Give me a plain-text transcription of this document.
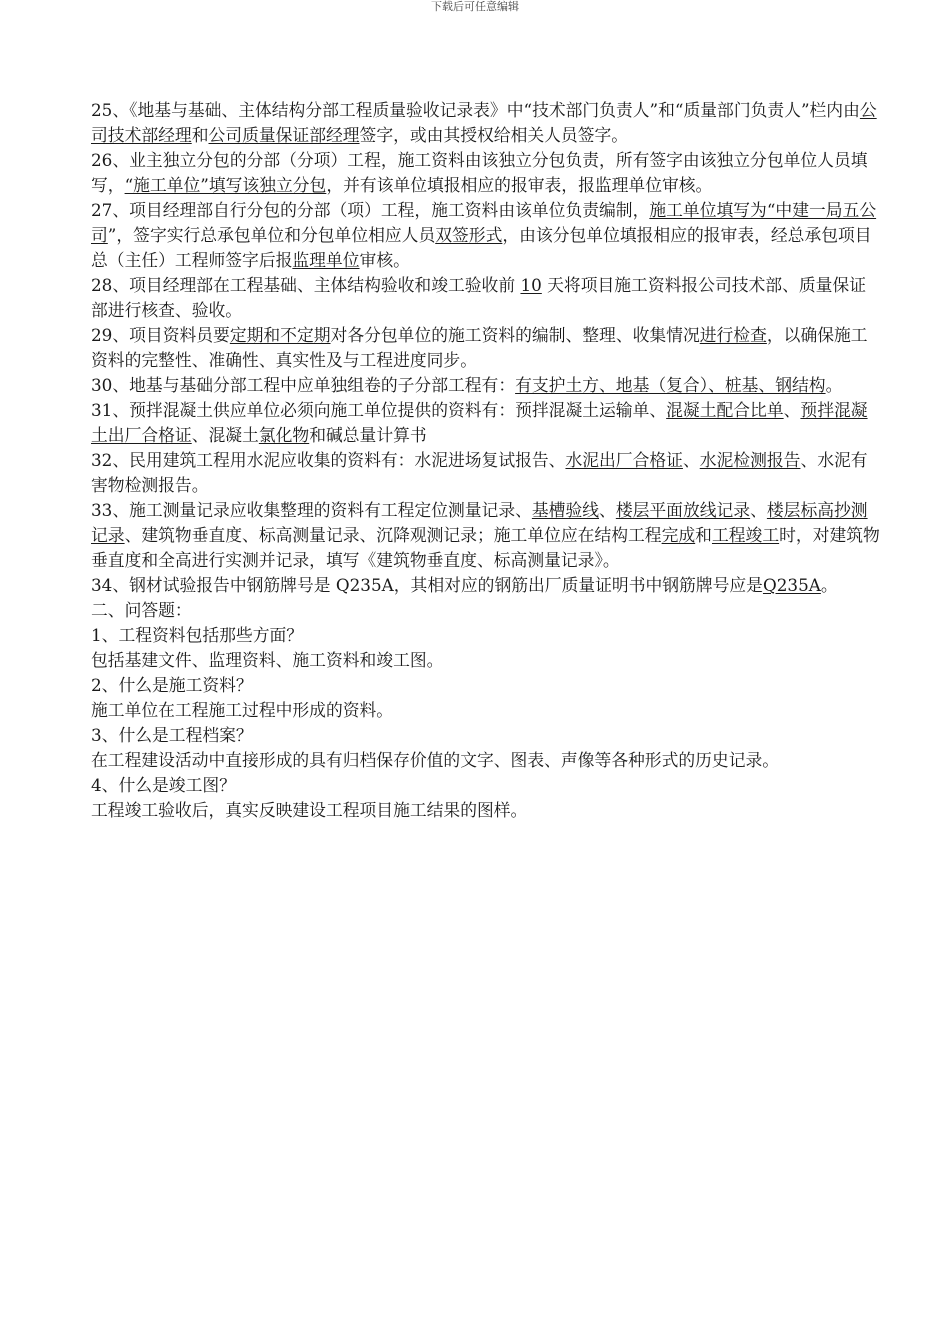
下载后可任意编辑

25、《地基与基础、主体结构分部工程质量验收记录表》中“技术部门负责人”和“质量部门负责人”栏内由公司技术部经理和公司质量保证部经理签字，或由其授权给相关人员签字。

26、业主独立分包的分部（分项）工程，施工资料由该独立分包负责，所有签字由该独立分包单位人员填写，“施工单位”填写该独立分包，并有该单位填报相应的报审表，报监理单位审核。

27、项目经理部自行分包的分部（项）工程，施工资料由该单位负责编制，施工单位填写为“中建一局五公司”，签字实行总承包单位和分包单位相应人员双签形式，由该分包单位填报相应的报审表，经总承包项目总（主任）工程师签字后报监理单位审核。

28、项目经理部在工程基础、主体结构验收和竣工验收前 10 天将项目施工资料报公司技术部、质量保证部进行核查、验收。

29、项目资料员要定期和不定期对各分包单位的施工资料的编制、整理、收集情况进行检查，以确保施工资料的完整性、准确性、真实性及与工程进度同步。

30、地基与基础分部工程中应单独组卷的子分部工程有：有支护土方、地基（复合）、桩基、钢结构。

31、预拌混凝土供应单位必须向施工单位提供的资料有：预拌混凝土运输单、混凝土配合比单、预拌混凝土出厂合格证、混凝土氯化物和碱总量计算书

32、民用建筑工程用水泥应收集的资料有：水泥进场复试报告、水泥出厂合格证、水泥检测报告、水泥有害物检测报告。

33、施工测量记录应收集整理的资料有工程定位测量记录、基槽验线、楼层平面放线记录、楼层标高抄测记录、建筑物垂直度、标高测量记录、沉降观测记录；施工单位应在结构工程完成和工程竣工时，对建筑物垂直度和全高进行实测并记录，填写《建筑物垂直度、标高测量记录》。

34、钢材试验报告中钢筋牌号是 Q235A，其相对应的钢筋出厂质量证明书中钢筋牌号应是Q235A。

二、问答题：

1、工程资料包括那些方面？

包括基建文件、监理资料、施工资料和竣工图。

2、什么是施工资料？

施工单位在工程施工过程中形成的资料。

3、什么是工程档案？

在工程建设活动中直接形成的具有归档保存价值的文字、图表、声像等各种形式的历史记录。

4、什么是竣工图？

工程竣工验收后，真实反映建设工程项目施工结果的图样。
